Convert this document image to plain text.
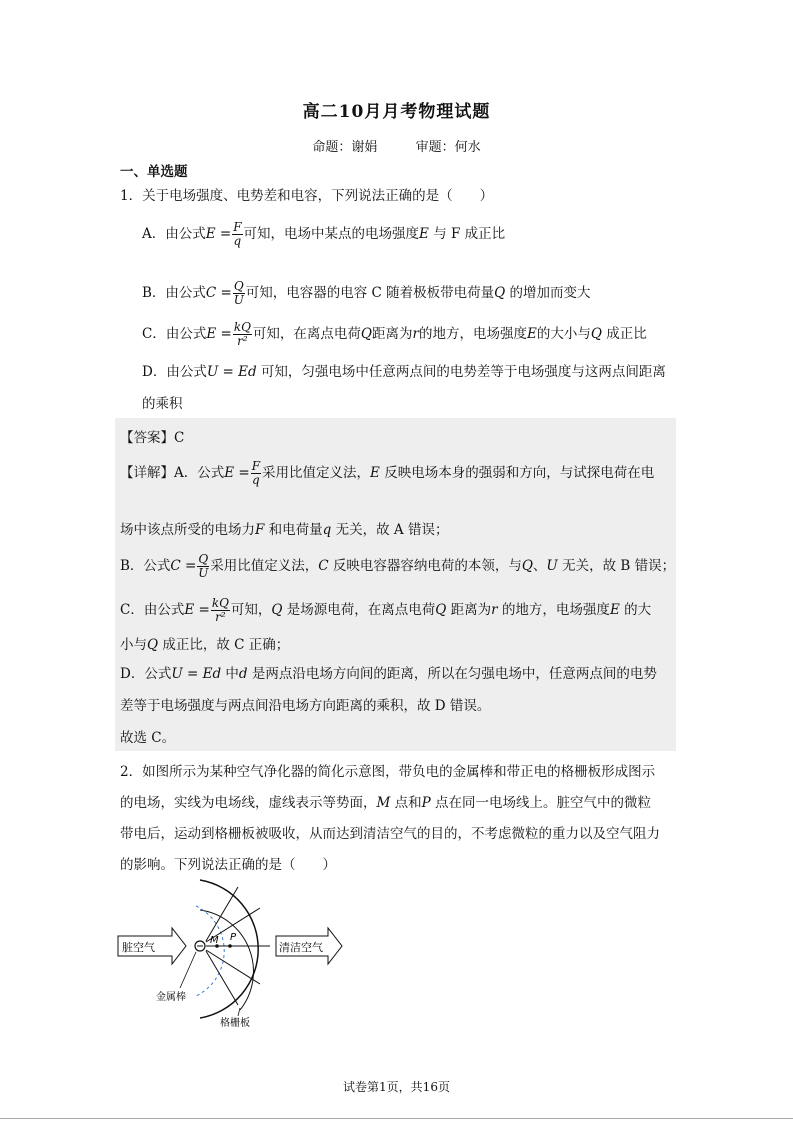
高二10月月考物理试题
命题：谢娟	审题：何水
一、单选题
1．关于电场强度、电势差和电容，下列说法正确的是（　　）
A．由公式$E = \frac{F}{q}$ 可知，电场中某点的电场强度E 与 F 成正比
B．由公式$C = \frac{Q}{U}$ 可知，电容器的电容 C 随着极板带电荷量Q 的增加而变大
C．由公式$E = \frac{kQ}{\text{r²}}$ 可知，在离点电荷Q距离为r的地方，电场强度E的大小与Q 成正比
D．由公式U = Ed 可知，匀强电场中任意两点间的电势差等于电场强度与这两点间距离
的乘积
【答案】C
【详解】A．公式$E = \frac{F}{q}$ 采用比值定义法，E 反映电场本身的强弱和方向，与试探电荷在电
场中该点所受的电场力F 和电荷量q 无关，故 A 错误；
B．公式$C = \frac{Q}{U}$ 采用比值定义法，C 反映电容器容纳电荷的本领，与Q、U 无关，故 B 错误；
C．由公式$E = \frac{kQ}{\text{r²}}$ 可知，Q 是场源电荷，在离点电荷Q 距离为r 的地方，电场强度E 的大
小与Q 成正比，故 C 正确；
D．公式U = Ed 中d 是两点沿电场方向间的距离，所以在匀强电场中，任意两点间的电势
差等于电场强度与两点间沿电场方向距离的乘积，故 D 错误。
故选 C。
2．如图所示为某种空气净化器的简化示意图，带负电的金属棒和带正电的格栅板形成图示
的电场，实线为电场线，虚线表示等势面，M 点和P 点在同一电场线上。脏空气中的微粒
带电后，运动到格栅板被吸收，从而达到清洁空气的目的，不考虑微粒的重力以及空气阻力
的影响。下列说法正确的是（　　）
M P
脏空气	清洁空气
金属棒
格栅板
试卷第1页，共16页
